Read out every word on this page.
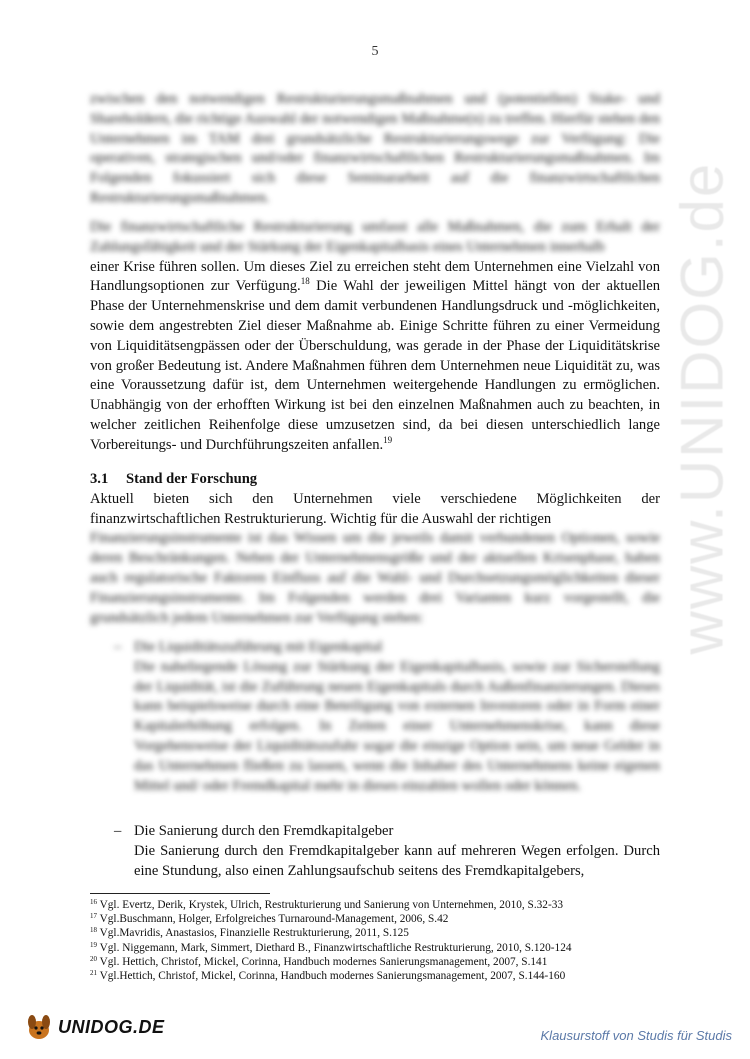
5
www.UNIDOG.de

zwischen den notwendigen Restrukturierungsmaßnahmen und (potentiellen) Stake- und Shareholdern, die richtige Auswahl der notwendigen Maßnahme(n) zu treffen. Hierfür stehen den Unternehmen im TAM drei grundsätzliche Restrukturierungswege zur Verfügung: Die operativen, strategischen und/oder finanzwirtschaftlichen Restrukturierungsmaßnahmen. Im Folgenden fokussiert sich diese Seminararbeit auf die finanzwirtschaftlichen Restrukturierungsmaßnahmen.

Die finanzwirtschaftliche Restrukturierung umfasst alle Maßnahmen, die zum Erhalt der Zahlungsfähigkeit und der Stärkung der Eigenkapitalbasis eines Unternehmen innerhalb

einer Krise führen sollen. Um dieses Ziel zu erreichen steht dem Unternehmen eine Vielzahl von Handlungsoptionen zur Verfügung.$^{18}$ Die Wahl der jeweiligen Mittel hängt von der aktuellen Phase der Unternehmenskrise und dem damit verbundenen Handlungsdruck und -möglichkeiten, sowie dem angestrebten Ziel dieser Maßnahme ab. Einige Schritte führen zu einer Vermeidung von Liquiditätsengpässen oder der Überschuldung, was gerade in der Phase der Liquiditätskrise von großer Bedeutung ist. Andere Maßnahmen führen dem Unternehmen neue Liquidität zu, was eine Voraussetzung dafür ist, dem Unternehmen weitergehende Handlungen zu ermöglichen. Unabhängig von der erhofften Wirkung ist bei den einzelnen Maßnahmen auch zu beachten, in welcher zeitlichen Reihenfolge diese umzusetzen sind, da bei diesen unterschiedlich lange Vorbereitungs- und Durchführungszeiten anfallen.$^{19}$

3.1 Stand der Forschung

Aktuell bieten sich den Unternehmen viele verschiedene Möglichkeiten der finanzwirtschaftlichen Restrukturierung. Wichtig für die Auswahl der richtigen

Finanzierungsinstrumente ist das Wissen um die jeweils damit verbundenen Optionen, sowie deren Beschränkungen. Neben der Unternehmensgröße und der aktuellen Krisenphase, haben auch regulatorische Faktoren Einfluss auf die Wahl- und Durchsetzungsmöglichkeiten dieser Finanzierungsinstrumente. Im Folgenden werden drei Varianten kurz vorgestellt, die grundsätzlich jedem Unternehmen zur Verfügung stehen:

– Die Liquiditätszuführung mit Eigenkapital

Die naheliegende Lösung zur Stärkung der Eigenkapitalbasis, sowie zur Sicherstellung der Liquidität, ist die Zuführung neuen Eigenkapitals durch Außenfinanzierungen. Dieses kann beispielsweise durch eine Beteiligung von externen Investoren oder in Form einer Kapitalerhöhung erfolgen. In Zeiten einer Unternehmenskrise, kann diese Vorgehensweise der Liquiditätszufuhr sogar die einzige Option sein, um neue Gelder in das Unternehmen fließen zu lassen, wenn die Inhaber des Unternehmens keine eigenen Mittel und/ oder Fremdkapital mehr in dieses einzahlen wollen oder können.

– Die Sanierung durch den Fremdkapitalgeber

Die Sanierung durch den Fremdkapitalgeber kann auf mehreren Wegen erfolgen. Durch eine Stundung, also einen Zahlungsaufschub seitens des Fremdkapitalgebers,

$^{16}$ Vgl. Evertz, Derik, Krystek, Ulrich, Restrukturierung und Sanierung von Unternehmen, 2010, S.32-33
$^{17}$ Vgl.Buschmann, Holger, Erfolgreiches Turnaround-Management, 2006, S.42
$^{18}$ Vgl.Mavridis, Anastasios, Finanzielle Restrukturierung, 2011, S.125
$^{19}$ Vgl. Niggemann, Mark, Simmert, Diethard B., Finanzwirtschaftliche Restrukturierung, 2010, S.120-124
$^{20}$ Vgl. Hettich, Christof, Mickel, Corinna, Handbuch modernes Sanierungsmanagement, 2007, S.141
$^{21}$ Vgl.Hettich, Christof, Mickel, Corinna, Handbuch modernes Sanierungsmanagement, 2007, S.144-160
UNIDOG.DE	Klausurstoff von Studis für Studis
